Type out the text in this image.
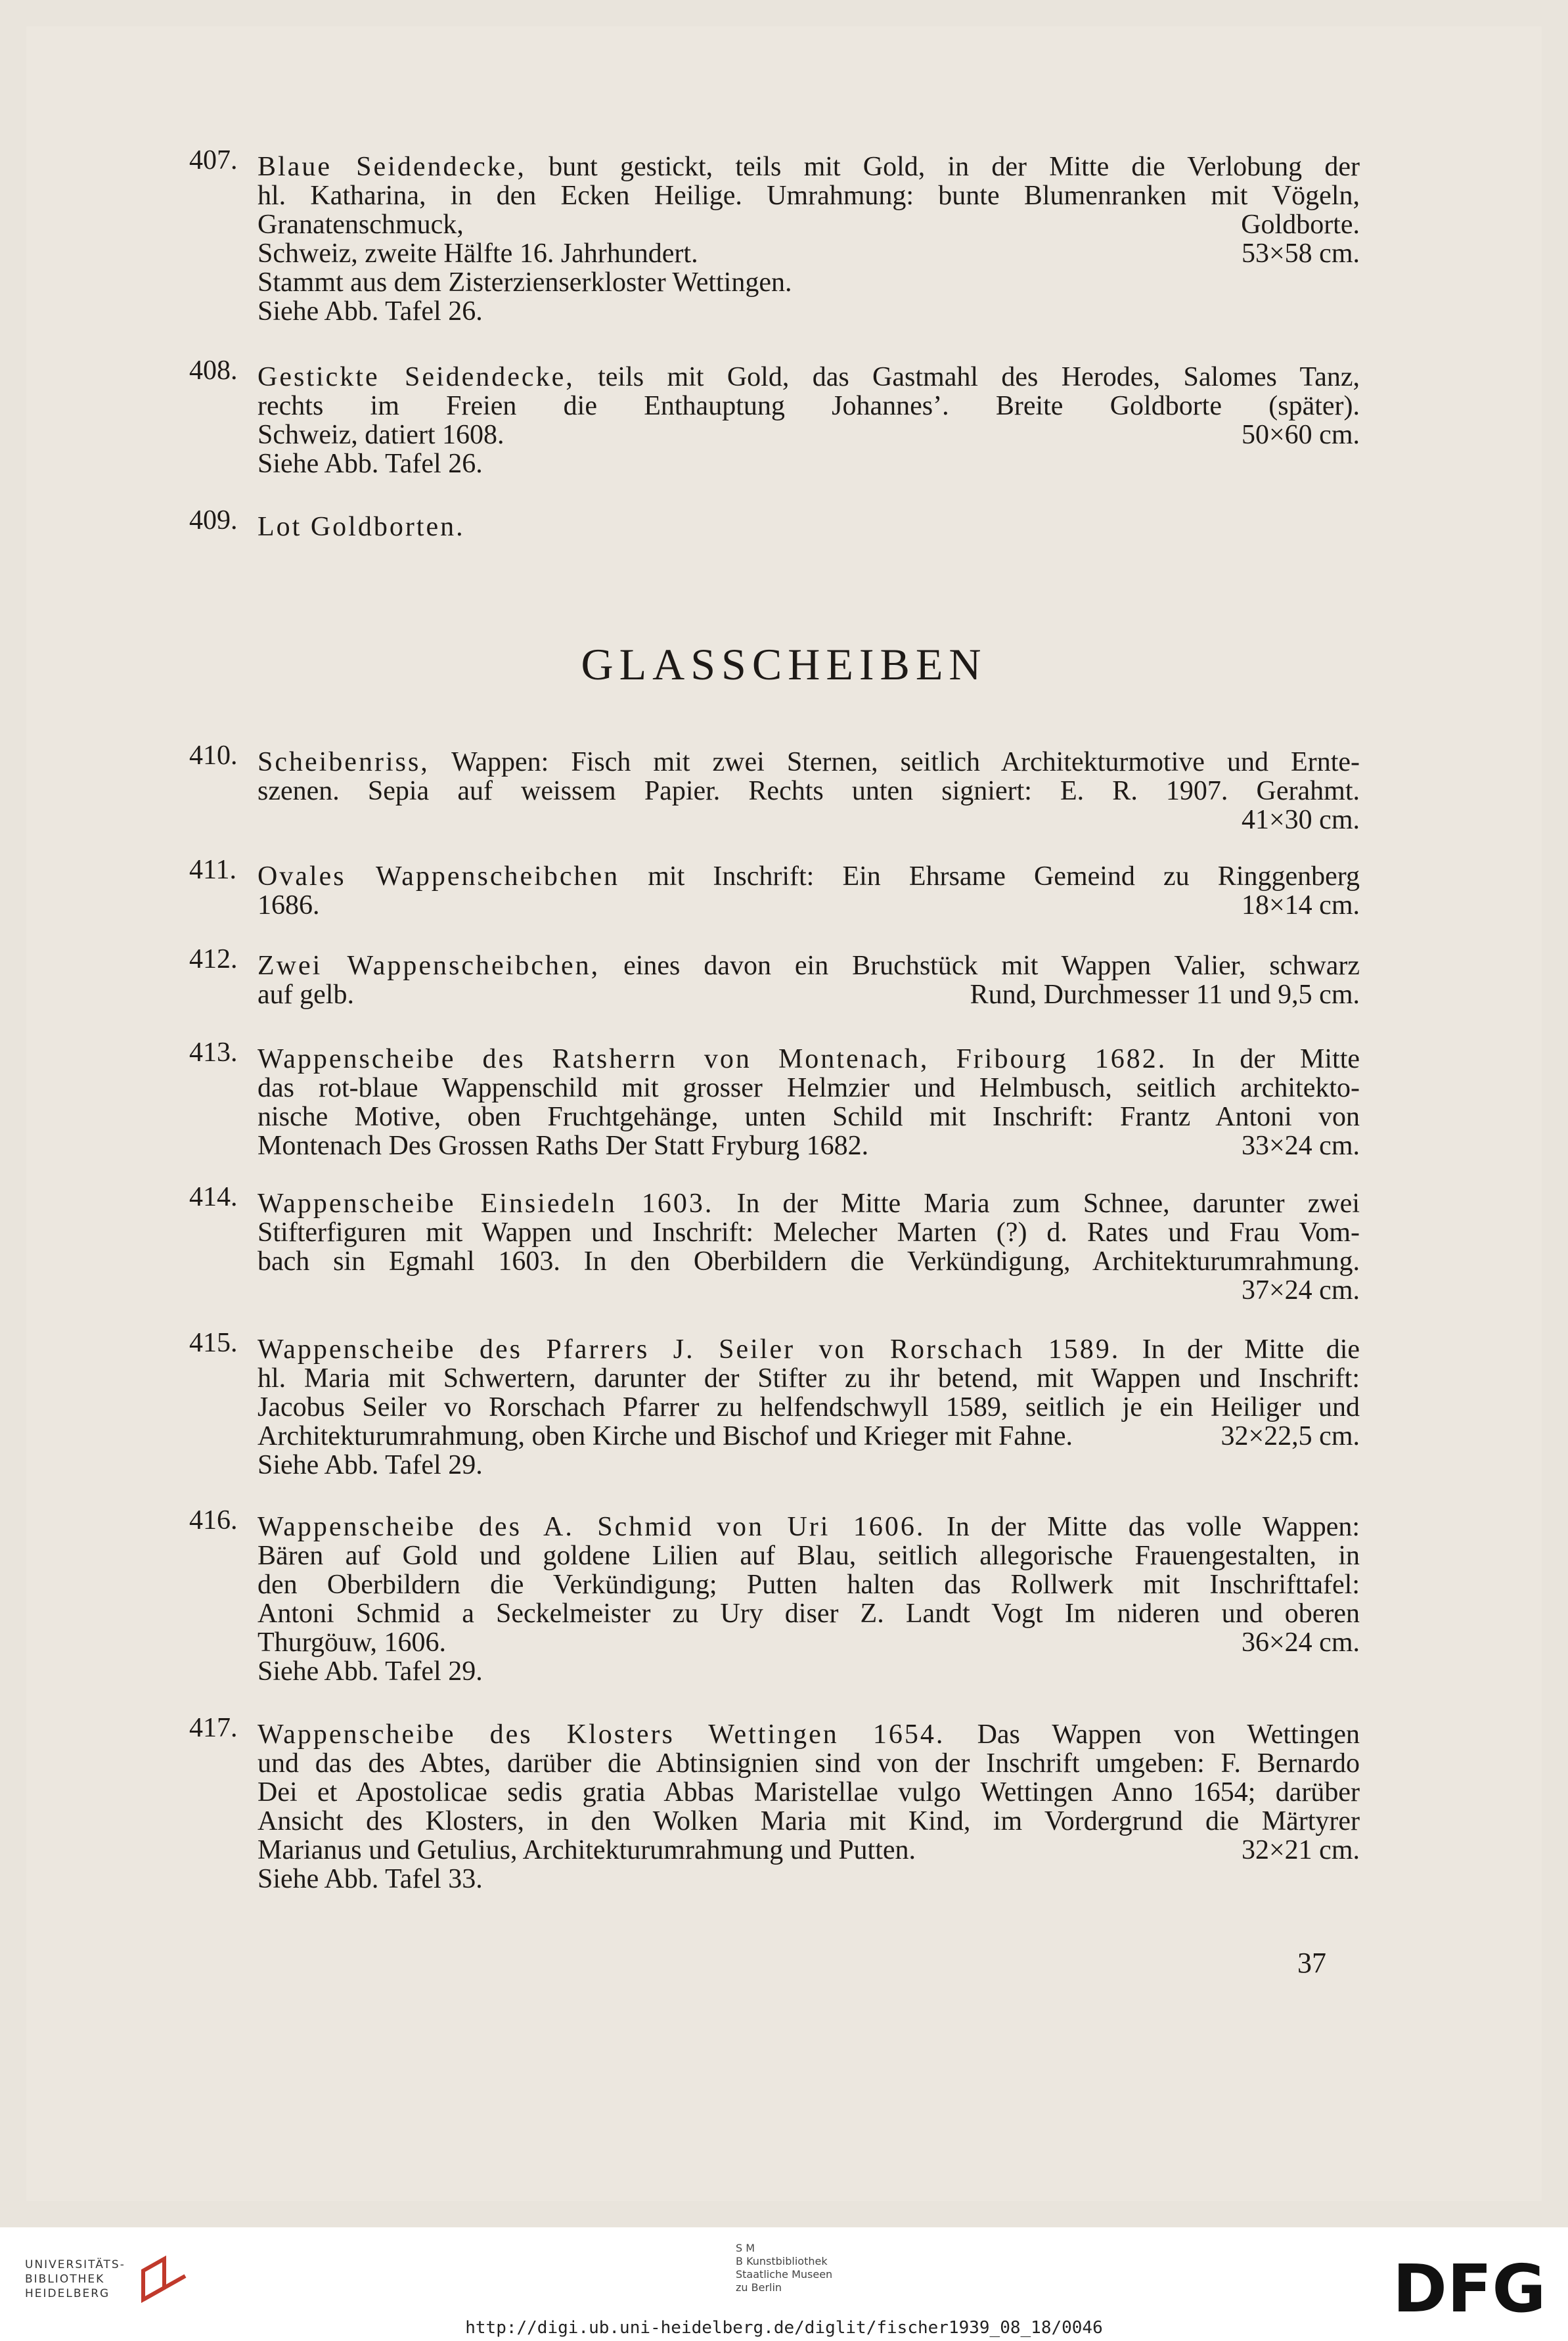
407. Blaue Seidendecke, bunt gestickt, teils mit Gold, in der Mitte die Verlobung der
hl. Katharina, in den Ecken Heilige. Umrahmung: bunte Blumenranken mit Vögeln,
Granatenschmuck, Goldborte.
Schweiz, zweite Hälfte 16. Jahrhundert.	53×58 cm.
Stammt aus dem Zisterzienserkloster Wettingen.
Siehe Abb. Tafel 26.
408. Gestickte Seidendecke, teils mit Gold, das Gastmahl des Herodes, Salomes Tanz,
rechts im Freien die Enthauptung Johannes’. Breite Goldborte (später).
Schweiz, datiert 1608.	50×60 cm.
Siehe Abb. Tafel 26.
409. Lot Goldborten.
410. Scheibenriss, Wappen: Fisch mit zwei Sternen, seitlich Architekturmotive und Ernte-
szenen. Sepia auf weissem Papier. Rechts unten signiert: E. R. 1907. Gerahmt.
41×30 cm.
411. Ovales Wappenscheibchen mit Inschrift: Ein Ehrsame Gemeind zu Ringgenberg
1686.	18×14 cm.
412. Zwei Wappenscheibchen, eines davon ein Bruchstück mit Wappen Valier, schwarz
auf gelb.	Rund, Durchmesser 11 und 9,5 cm.
413. Wappenscheibe des Ratsherrn von Montenach, Fribourg 1682. In der Mitte
das rot-blaue Wappenschild mit grosser Helmzier und Helmbusch, seitlich architekto-
nische Motive, oben Fruchtgehänge, unten Schild mit Inschrift: Frantz Antoni von
Montenach Des Grossen Raths Der Statt Fryburg 1682.	33×24 cm.
414. Wappenscheibe Einsiedeln 1603. In der Mitte Maria zum Schnee, darunter zwei
Stifterfiguren mit Wappen und Inschrift: Melecher Marten (?) d. Rates und Frau Vom-
bach sin Egmahl 1603. In den Oberbildern die Verkündigung, Architekturumrahmung.
37×24 cm.
415. Wappenscheibe des Pfarrers J. Seiler von Rorschach 1589. In der Mitte die
hl. Maria mit Schwertern, darunter der Stifter zu ihr betend, mit Wappen und Inschrift:
Jacobus Seiler vo Rorschach Pfarrer zu helfendschwyll 1589, seitlich je ein Heiliger und
Architekturumrahmung, oben Kirche und Bischof und Krieger mit Fahne.	32×22,5 cm.
Siehe Abb. Tafel 29.
416. Wappenscheibe des A. Schmid von Uri 1606. In der Mitte das volle Wappen:
Bären auf Gold und goldene Lilien auf Blau, seitlich allegorische Frauengestalten, in
den Oberbildern die Verkündigung; Putten halten das Rollwerk mit Inschrifttafel:
Antoni Schmid a Seckelmeister zu Ury diser Z. Landt Vogt Im nideren und oberen
Thurgöuw, 1606.	36×24 cm.
Siehe Abb. Tafel 29.
417. Wappenscheibe des Klosters Wettingen 1654. Das Wappen von Wettingen
und das des Abtes, darüber die Abtinsignien sind von der Inschrift umgeben: F. Bernardo
Dei et Apostolicae sedis gratia Abbas Maristellae vulgo Wettingen Anno 1654; darüber
Ansicht des Klosters, in den Wolken Maria mit Kind, im Vordergrund die Märtyrer
Marianus und Getulius, Architekturumrahmung und Putten.	32×21 cm.
Siehe Abb. Tafel 33.
GLASSCHEIBEN
37
UNIVERSITÄTS-
BIBLIOTHEK
HEIDELBERG
S M
B Kunstbibliothek
Staatliche Museen
zu Berlin	DFG
http://digi.ub.uni-heidelberg.de/diglit/fischer1939_08_18/0046
